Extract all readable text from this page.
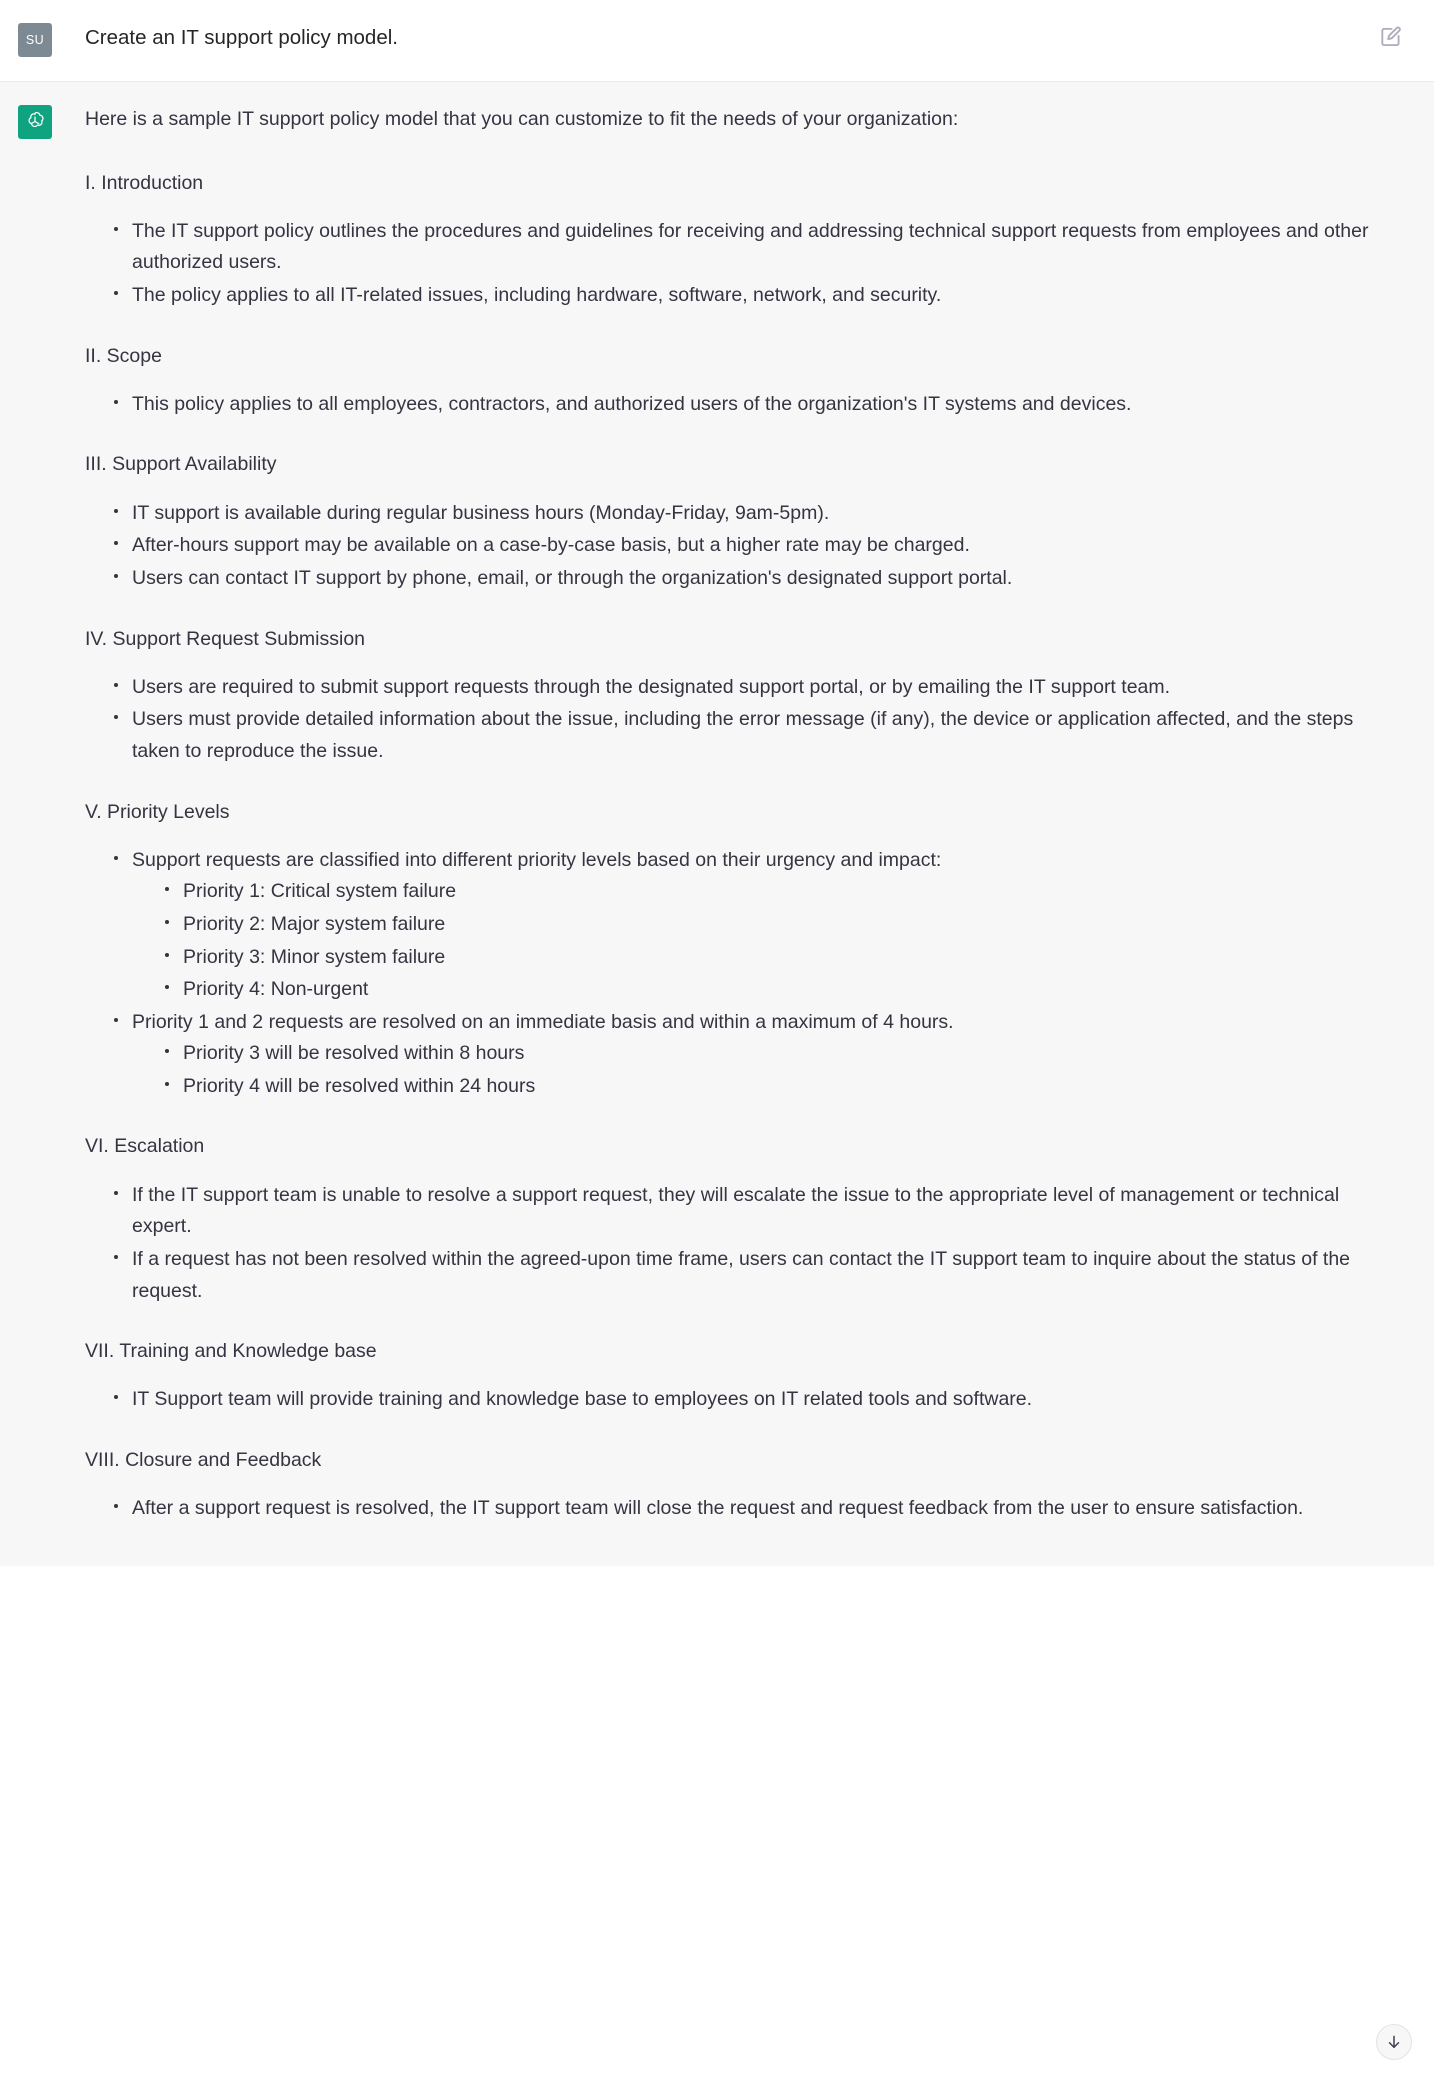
SU Create an IT support policy model.

Here is a sample IT support policy model that you can customize to fit the needs of your organization:

I. Introduction
The IT support policy outlines the procedures and guidelines for receiving and addressing technical support requests from employees and other authorized users.
The policy applies to all IT-related issues, including hardware, software, network, and security.
II. Scope
This policy applies to all employees, contractors, and authorized users of the organization's IT systems and devices.
III. Support Availability
IT support is available during regular business hours (Monday-Friday, 9am-5pm).
After-hours support may be available on a case-by-case basis, but a higher rate may be charged.
Users can contact IT support by phone, email, or through the organization's designated support portal.
IV. Support Request Submission
Users are required to submit support requests through the designated support portal, or by emailing the IT support team.
Users must provide detailed information about the issue, including the error message (if any), the device or application affected, and the steps taken to reproduce the issue.
V. Priority Levels
Support requests are classified into different priority levels based on their urgency and impact:
Priority 1: Critical system failure
Priority 2: Major system failure
Priority 3: Minor system failure
Priority 4: Non-urgent
Priority 1 and 2 requests are resolved on an immediate basis and within a maximum of 4 hours.
Priority 3 will be resolved within 8 hours
Priority 4 will be resolved within 24 hours
VI. Escalation
If the IT support team is unable to resolve a support request, they will escalate the issue to the appropriate level of management or technical expert.
If a request has not been resolved within the agreed-upon time frame, users can contact the IT support team to inquire about the status of the request.
VII. Training and Knowledge base
IT Support team will provide training and knowledge base to employees on IT related tools and software.
VIII. Closure and Feedback
After a support request is resolved, the IT support team will close the request and request feedback from the user to ensure satisfaction.
